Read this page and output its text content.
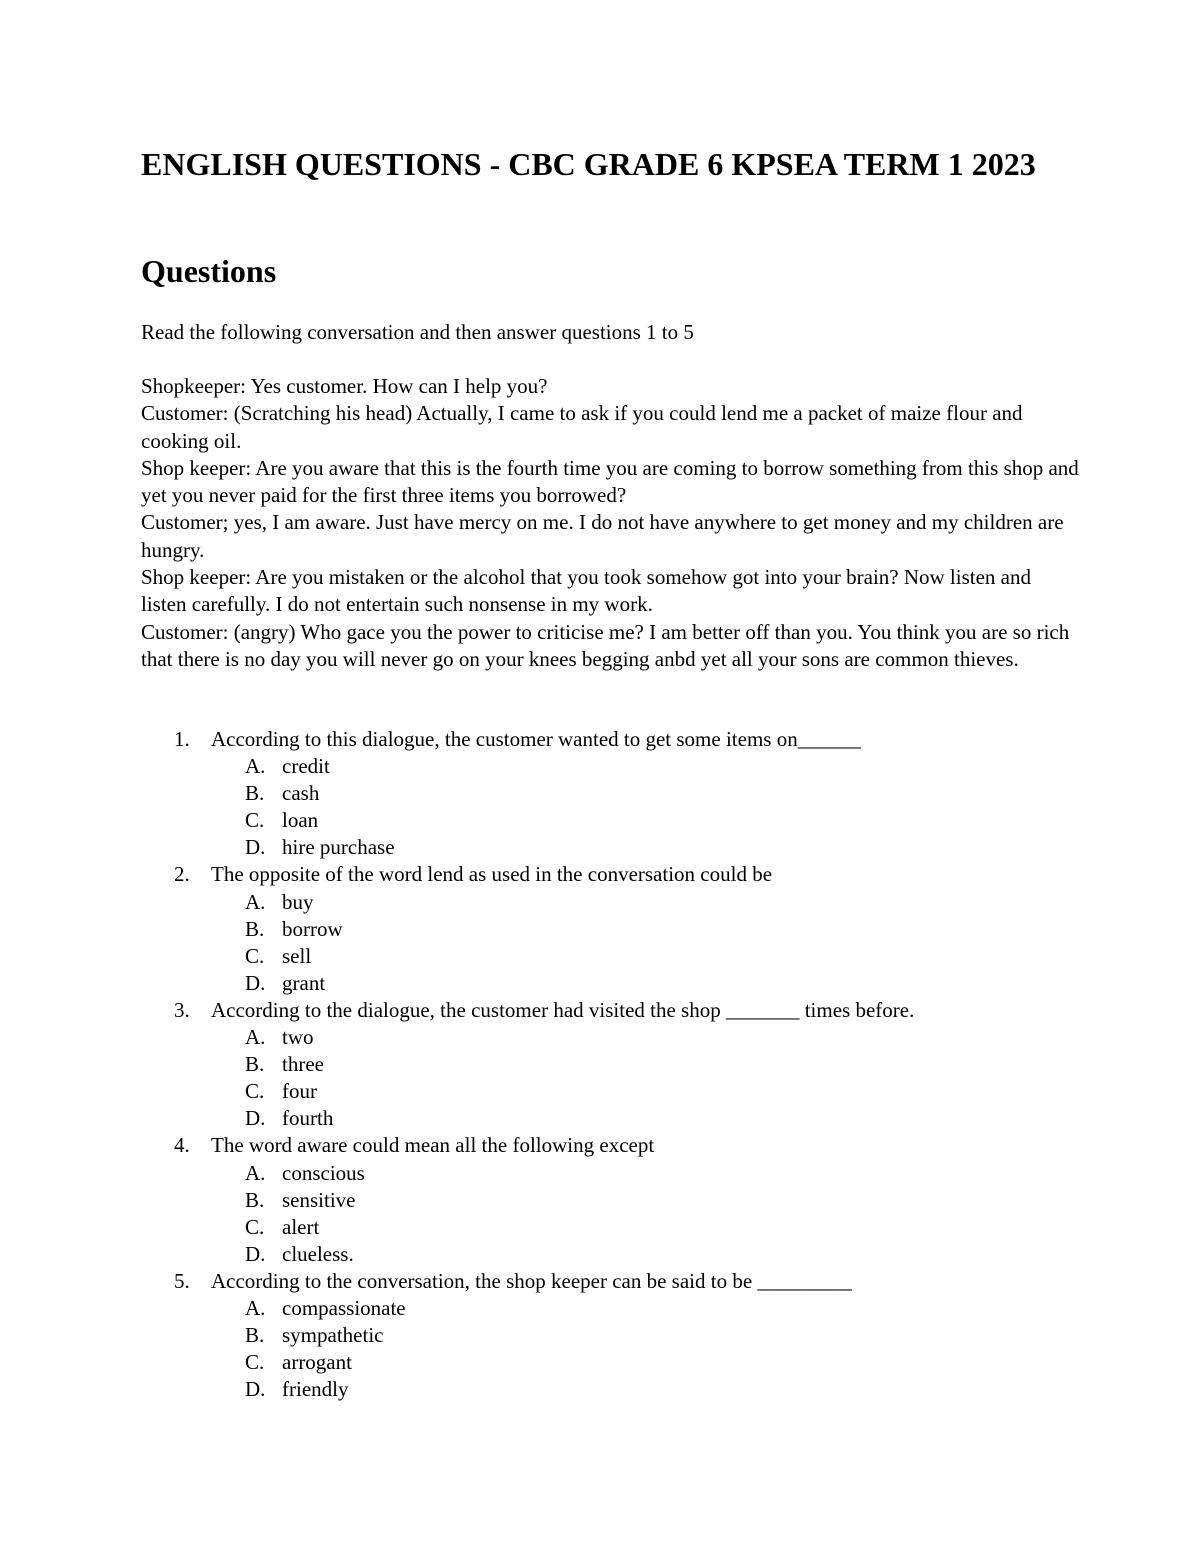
ENGLISH QUESTIONS - CBC GRADE 6 KPSEA TERM 1 2023
Questions
Read the following conversation and then answer questions 1 to 5

Shopkeeper: Yes customer. How can I help you?

Customer: (Scratching his head) Actually, I came to ask if you could lend me a packet of maize flour and cooking oil.

Shop keeper: Are you aware that this is the fourth time you are coming to borrow something from this shop and yet you never paid for the first three items you borrowed?

Customer; yes, I am aware. Just have mercy on me. I do not have anywhere to get money and my children are hungry.

Shop keeper: Are you mistaken or the alcohol that you took somehow got into your brain? Now listen and listen carefully. I do not entertain such nonsense in my work.

Customer: (angry) Who gace you the power to criticise me? I am better off than you. You think you are so rich that there is no day you will never go on your knees begging anbd yet all your sons are common thieves.

1. According to this dialogue, the customer wanted to get some items on______
A. credit
B. cash
C. loan
D. hire purchase
2. The opposite of the word lend as used in the conversation could be
A. buy
B. borrow
C. sell
D. grant
3. According to the dialogue, the customer had visited the shop _______ times before.
A. two
B. three
C. four
D. fourth
4. The word aware could mean all the following except
A. conscious
B. sensitive
C. alert
D. clueless.
5. According to the conversation, the shop keeper can be said to be _________
A. compassionate
B. sympathetic
C. arrogant
D. friendly
